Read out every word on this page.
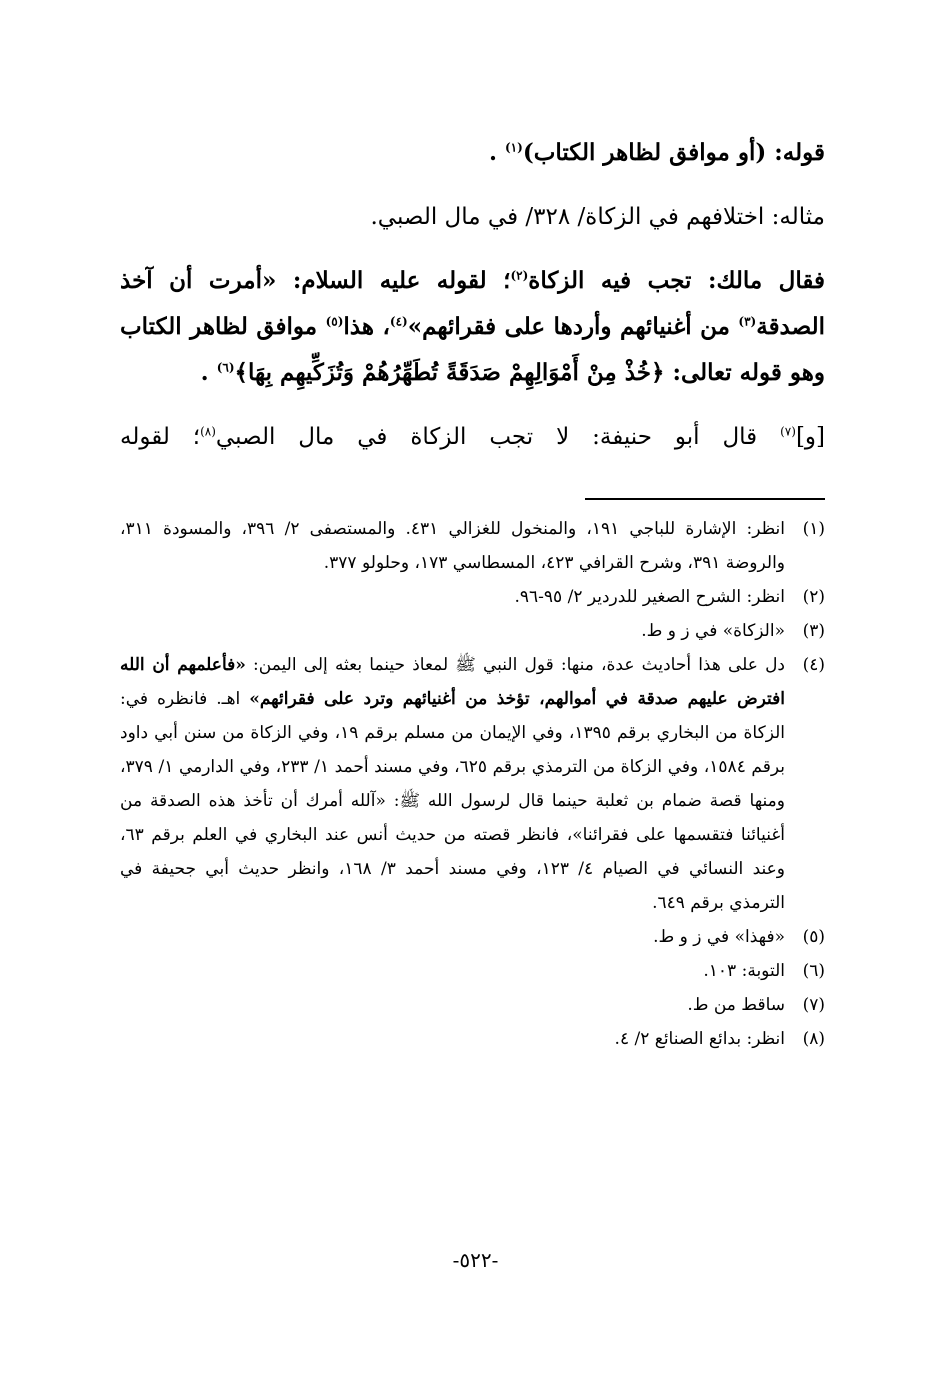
قوله: (أو موافق لظاهر الكتاب)$^{(١)}$ .

مثاله: اختلافهم في الزكاة/ ٣٢٨/ في مال الصبي.

فقال مالك: تجب فيه الزكاة$^{(٢)}$؛ لقوله عليه السلام: «أمرت أن آخذ الصدقة$^{(٣)}$ من أغنيائهم وأردها على فقرائهم»$^{(٤)}$، هذا$^{(٥)}$ موافق لظاهر الكتاب وهو قوله تعالى: ﴿خُذْ مِنْ أَمْوَالِهِمْ صَدَقَةً تُطَهِّرُهُمْ وَتُزَكِّيهِم بِهَا﴾$^{(٦)}$ .

[و]$^{(٧)}$ قال أبو حنيفة: لا تجب الزكاة في مال الصبي$^{(٨)}$؛ لقوله

(١)
انظر: الإشارة للباجي ١٩١، والمنخول للغزالي ٤٣١. والمستصفى ٢/ ٣٩٦، والمسودة ٣١١، والروضة ٣٩١، وشرح القرافي ٤٢٣، المسطاسي ١٧٣، وحلولو ٣٧٧.
(٢)
انظر: الشرح الصغير للدردير ٢/ ٩٥-٩٦.
(٣)
«الزكاة» في ز و ط.
(٤)
دل على هذا أحاديث عدة، منها: قول النبي ﷺ لمعاذ حينما بعثه إلى اليمن: «فأعلمهم أن الله افترض عليهم صدقة في أموالهم، تؤخذ من أغنيائهم وترد على فقرائهم» اهـ. فانظره في: الزكاة من البخاري برقم ١٣٩٥، وفي الإيمان من مسلم برقم ١٩، وفي الزكاة من سنن أبي داود برقم ١٥٨٤، وفي الزكاة من الترمذي برقم ٦٢٥، وفي مسند أحمد ١/ ٢٣٣، وفي الدارمي ١/ ٣٧٩، ومنها قصة ضمام بن ثعلبة حينما قال لرسول الله ﷺ: «آلله أمرك أن تأخذ هذه الصدقة من أغنيائنا فتقسمها على فقرائنا»، فانظر قصته من حديث أنس عند البخاري في العلم برقم ٦٣، وعند النسائي في الصيام ٤/ ١٢٣، وفي مسند أحمد ٣/ ١٦٨، وانظر حديث أبي جحيفة في الترمذي برقم ٦٤٩.
(٥)
«فهذا» في ز و ط.
(٦)
التوبة: ١٠٣.
(٧)
ساقط من ط.
(٨)
انظر: بدائع الصنائع ٢/ ٤.
-٥٢٢-
